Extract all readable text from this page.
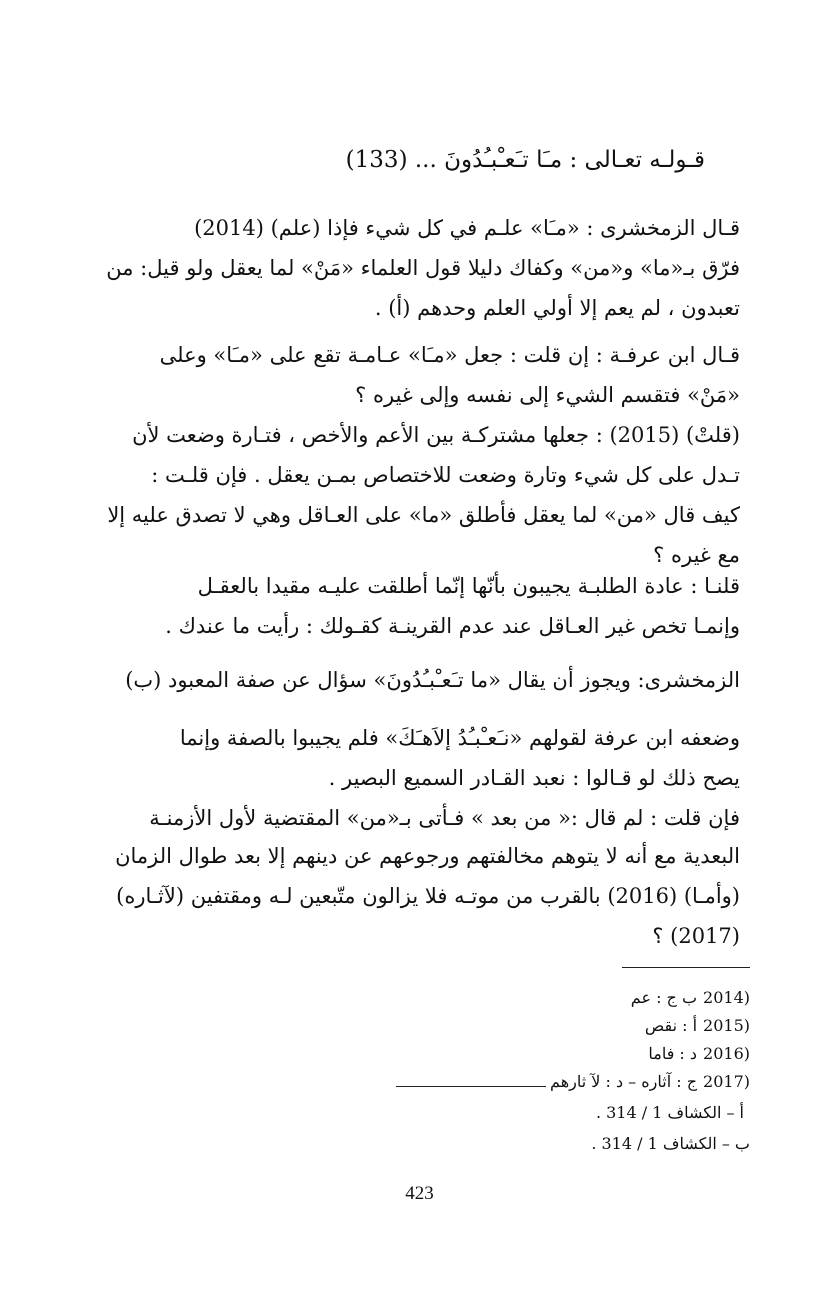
قـولـه تعـالى : مـَا تـَعـْبـُدُونَ ... (133)
قـال الزمخشرى : «مـَا» علـم في كل شيء فإذا (علم) (2014)
فرّق بـ«ما» و«من» وكفاك دليلا قول العلماء «مَنْ» لما يعقل ولو قيل: من
تعبدون ، لم يعم إلا أولي العلم وحدهم (أ) .
قـال ابن عرفـة : إن قلت : جعل «مـَا» عـامـة تقع على «مـَا» وعلى
«مَنْ» فتقسم الشيء إلى نفسه وإلى غيره ؟
(قلتْ) (2015) : جعلها مشتركـة بين الأعم والأخص ، فتـارة وضعت لأن
تـدل على كل شيء وتارة وضعت للاختصاص بمـن يعقل . فإن قلـت :
كيف قال «من» لما يعقل فأطلق «ما» على العـاقل وهي لا تصدق عليه إلا
مع غيره ؟
قلنـا : عادة الطلبـة يجيبون بأنّها إنّما أطلقت عليـه مقيدا بالعقـل
وإنمـا تخص غير العـاقل عند عدم القرينـة كقـولك : رأيت ما عندك .
الزمخشرى: ويجوز أن يقال «ما تـَعـْبـُدُونَ» سؤال عن صفة المعبود (ب)
وضعفه ابن عرفة لقولهم «نـَعـْبـُدُ إلاَهـَكَ» فلم يجيبوا بالصفة وإنما
يصح ذلك لو قـالوا : نعبد القـادر السميع البصير .
فإن قلت : لم قال :« من بعد » فـأتى بـ«من» المقتضية لأول الأزمنـة
البعدية مع أنه لا يتوهم مخالفتهم ورجوعهم عن دينهم إلا بعد طوال الزمان
(وأمـا) (2016) بالقرب من موتـه فلا يزالون متّبعين لـه ومقتفين (لآثـاره)
(2017) ؟
(2014ب ج : عم
(2015أ : نقص
(2016د : فاما
(2017ج : آثاره – د : لآ ثارهم
أ – الكشاف 1 / 314 .
ب – الكشاف 1 / 314 .
423
